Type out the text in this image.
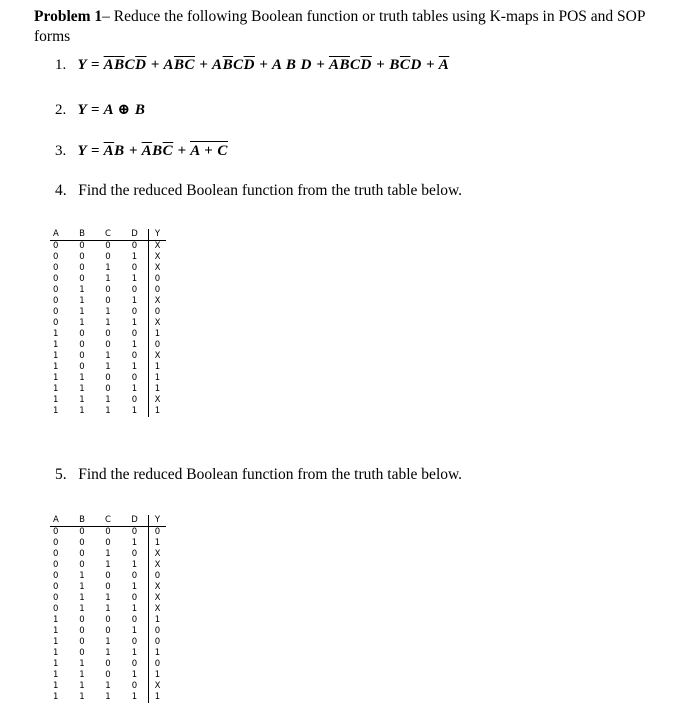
Problem 1– Reduce the following Boolean function or truth tables using K-maps in POS and SOP forms
1. $Y = \overline{A}\overline{B}C\overline{D} + A\overline{B}\overline{C} + A\overline{B}C\overline{D} + A$ B $D + \overline{A}\overline{B}C\overline{D} + B\overline{C}D + \overline{A}$
2. Y = A ⊕ B
3. $Y = \overline{A}B + \overline{A}B\overline{C} + A + C$
4. Find the reduced Boolean function from the truth table below.
A	B	C	D	Y
0	0	0	0	X
0	0	0	1	X
0	0	1	0	X
0	0	1	1	0
0	1	0	0	0
0	1	0	1	X
0	1	1	0	0
0	1	1	1	X
1	0	0	0	1
1	0	0	1	0
1	0	1	0	X
1	0	1	1	1
1	1	0	0	1
1	1	0	1	1
1	1	1	0	X
1	1	1	1	1
5. Find the reduced Boolean function from the truth table below.
A	B	C	D	Y
0	0	0	0	0
0	0	0	1	1
0	0	1	0	X
0	0	1	1	X
0	1	0	0	0
0	1	0	1	X
0	1	1	0	X
0	1	1	1	X
1	0	0	0	1
1	0	0	1	0
1	0	1	0	0
1	0	1	1	1
1	1	0	0	0
1	1	0	1	1
1	1	1	0	X
1	1	1	1	1
